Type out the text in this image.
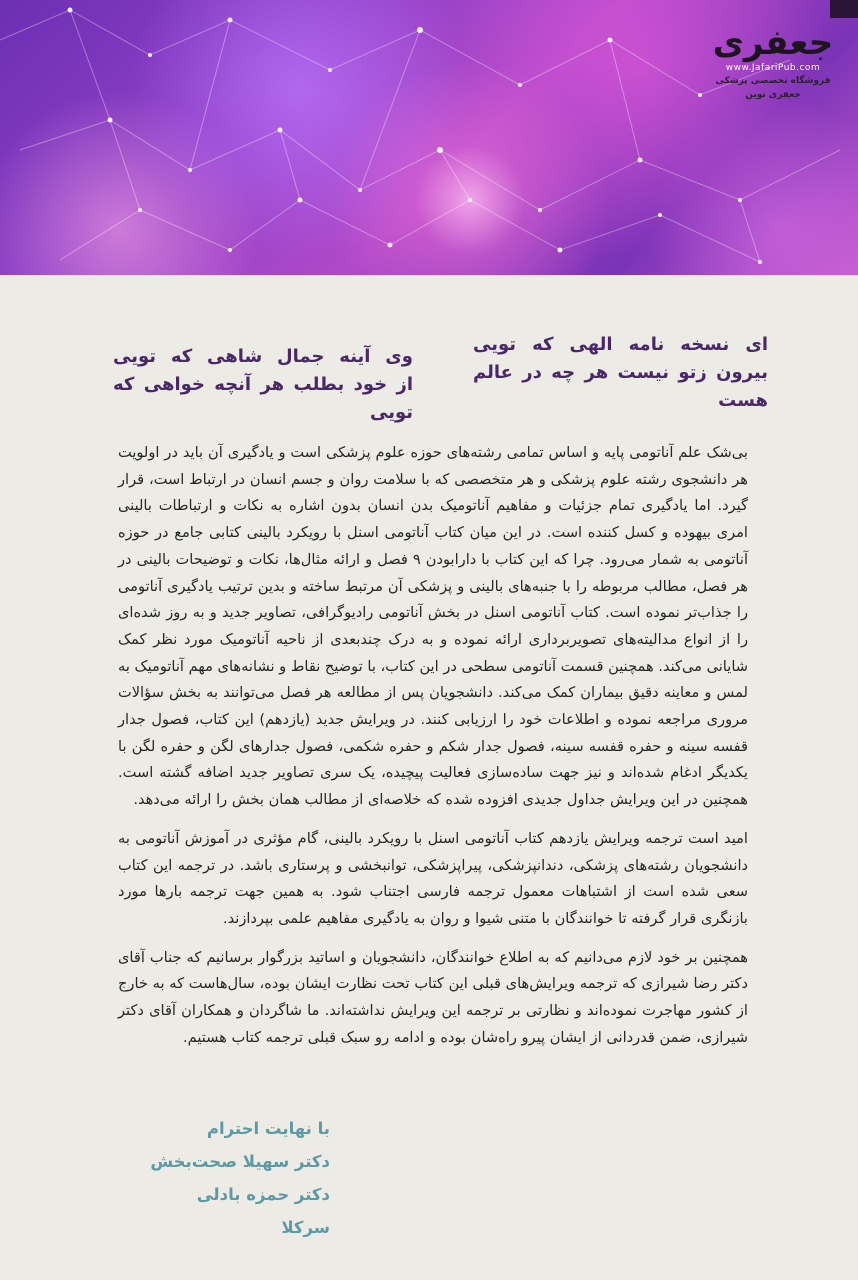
جعفری
www.JafariPub.com
فروشگاه تخصصی پزشکی جعفری نوین

ای نسخه نامه الهی که تویی
بیرون زتو نیست هر چه در عالم هست
وی آینه جمال شاهی که تویی
از خود بطلب هر آنچه خواهی که تویی

بی‌شک علم آناتومی پایه و اساس تمامی رشته‌های حوزه علوم پزشکی است و یادگیری آن باید در اولویت هر دانشجوی رشته علوم پزشکی و هر متخصصی که با سلامت روان و جسم انسان در ارتباط است، قرار گیرد. اما یادگیری تمام جزئیات و مفاهیم آناتومیک بدن انسان بدون اشاره به نکات و ارتباطات بالینی امری بیهوده و کسل کننده است. در این میان کتاب آناتومی اسنل با رویکرد بالینی کتابی جامع در حوزه آناتومی به شمار می‌رود. چرا که این کتاب با دارابودن ۹ فصل و ارائه مثال‌ها، نکات و توضیحات بالینی در هر فصل، مطالب مربوطه را با جنبه‌های بالینی و پزشکی آن مرتبط ساخته و بدین ترتیب یادگیری آناتومی را جذاب‌تر نموده است. کتاب آناتومی اسنل در بخش آناتومی رادیوگرافی، تصاویر جدید و به روز شده‌ای را از انواع مدالیته‌های تصویربرداری ارائه نموده و به درک چندبعدی از ناحیه آناتومیک مورد نظر کمک شایانی می‌کند. همچنین قسمت آناتومی سطحی در این کتاب، با توضیح نقاط و نشانه‌های مهم آناتومیک به لمس و معاینه دقیق بیماران کمک می‌کند. دانشجویان پس از مطالعه هر فصل می‌توانند به بخش سؤالات مروری مراجعه نموده و اطلاعات خود را ارزیابی کنند. در ویرایش جدید (یازدهم) این کتاب، فصول جدار قفسه سینه و حفره قفسه سینه، فصول جدار شکم و حفره شکمی، فصول جدارهای لگن و حفره لگن با یکدیگر ادغام شده‌اند و نیز جهت ساده‌سازی فعالیت پیچیده، یک سری تصاویر جدید اضافه گشته است. همچنین در این ویرایش جداول جدیدی افزوده شده که خلاصه‌ای از مطالب همان بخش را ارائه می‌دهد.

امید است ترجمه ویرایش یازدهم کتاب آناتومی اسنل با رویکرد بالینی، گام مؤثری در آموزش آناتومی به دانشجویان رشته‌های پزشکی، دندانپزشکی، پیراپزشکی، توانبخشی و پرستاری باشد. در ترجمه این کتاب سعی شده است از اشتباهات معمول ترجمه فارسی اجتناب شود. به همین جهت ترجمه بارها مورد بازنگری قرار گرفته تا خوانندگان با متنی شیوا و روان به یادگیری مفاهیم علمی بپردازند.

همچنین بر خود لازم می‌دانیم که به اطلاع خوانندگان، دانشجویان و اساتید بزرگوار برسانیم که جناب آقای دکتر رضا شیرازی که ترجمه ویرایش‌های قبلی این کتاب تحت نظارت ایشان بوده، سال‌هاست که به خارج از کشور مهاجرت نموده‌اند و نظارتی بر ترجمه این ویرایش نداشته‌اند. ما شاگردان و همکاران آقای دکتر شیرازی، ضمن قدردانی از ایشان پیرو راه‌شان بوده و ادامه رو سبک قبلی ترجمه کتاب هستیم.

با نهایت احترام
دکتر سهیلا صحت‌بخش
دکتر حمزه بادلی سرکلا
